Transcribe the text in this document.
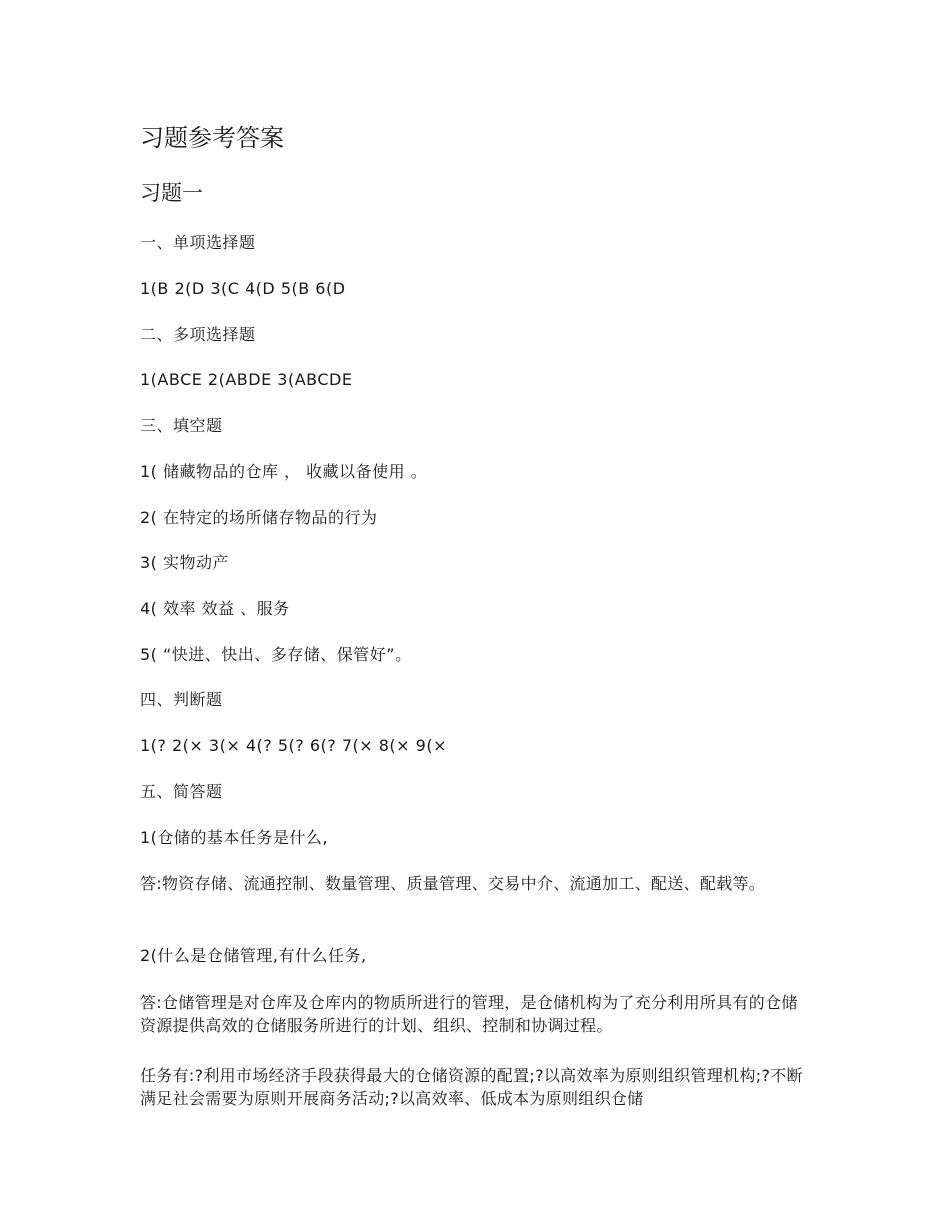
习题参考答案
习题一
一、单项选择题
1(B 2(D 3(C 4(D 5(B 6(D
二、多项选择题
1(ABCE 2(ABDE 3(ABCDE
三、填空题
1( 储藏物品的仓库 ， 收藏以备使用 。
2( 在特定的场所储存物品的行为
3( 实物动产
4( 效率 效益 、服务
5( “快进、快出、多存储、保管好”。
四、判断题
1(? 2(× 3(× 4(? 5(? 6(? 7(× 8(× 9(×
五、简答题
1(仓储的基本任务是什么,
答:物资存储、流通控制、数量管理、质量管理、交易中介、流通加工、配送、配载等。
2(什么是仓储管理,有什么任务,
答:仓储管理是对仓库及仓库内的物质所进行的管理，是仓储机构为了充分利用所具有的仓储资源提供高效的仓储服务所进行的计划、组织、控制和协调过程。
任务有:?利用市场经济手段获得最大的仓储资源的配置;?以高效率为原则组织管理机构;?不断满足社会需要为原则开展商务活动;?以高效率、低成本为原则组织仓储
